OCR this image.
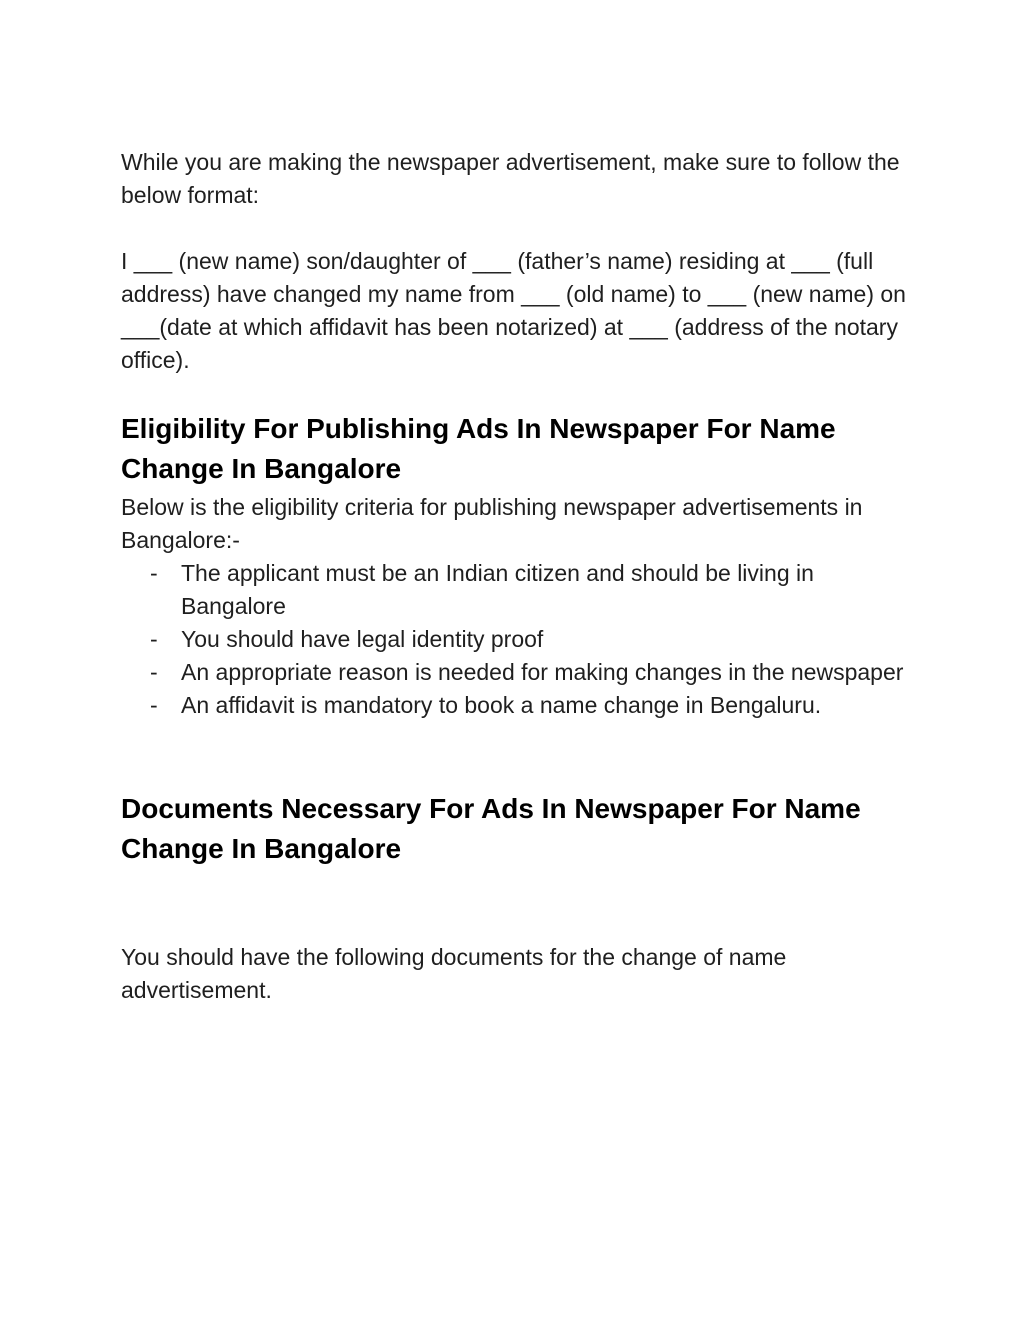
While you are making the newspaper advertisement, make sure to follow the below format:

I ___ (new name) son/daughter of ___ (father’s name) residing at ___ (full address) have changed my name from ___ (old name) to ___ (new name) on ___(date at which affidavit has been notarized) at ___ (address of the notary office).

Eligibility For Publishing Ads In Newspaper For Name Change In Bangalore

Below is the eligibility criteria for publishing newspaper advertisements in Bangalore:-

- The applicant must be an Indian citizen and should be living in Bangalore
- You should have legal identity proof
- An appropriate reason is needed for making changes in the newspaper
- An affidavit is mandatory to book a name change in Bengaluru.
Documents Necessary For Ads In Newspaper For Name Change In Bangalore

You should have the following documents for the change of name advertisement.
